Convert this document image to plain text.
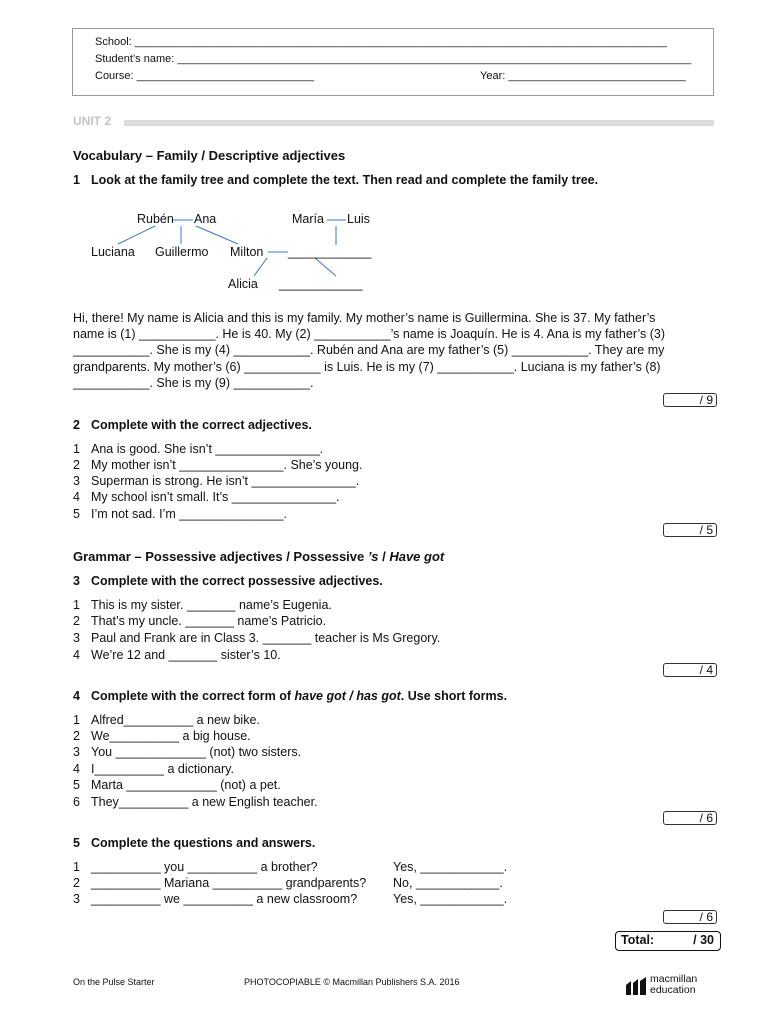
School: _______________________________________________________________________________________
Student’s name: ____________________________________________________________________________________
Course: _____________________________	Year: _____________________________
UNIT 2
Vocabulary – Family / Descriptive adjectives
1 Look at the family tree and complete the text. Then read and complete the family tree.
Rubén Ana	María Luis
Luciana Guillermo Milton ____________
Alicia ____________
Hi, there! My name is Alicia and this is my family. My mother’s name is Guillermina. She is 37. My father’s name is (1) ___________. He is 40. My (2) ___________’s name is Joaquín. He is 4. Ana is my father’s (3) ___________. She is my (4) ___________. Rubén and Ana are my father’s (5) ___________. They are my grandparents. My mother’s (6) ___________ is Luis. He is my (7) ___________. Luciana is my father’s (8) ___________. She is my (9) ___________.
/ 9
2 Complete with the correct adjectives.
1 Ana is good. She isn’t _______________.
2 My mother isn’t _______________. She’s young.
3 Superman is strong. He isn’t _______________.
4 My school isn’t small. It’s _______________.
5 I’m not sad. I’m _______________.
/ 5
Grammar – Possessive adjectives / Possessive ’s / Have got
3 Complete with the correct possessive adjectives.
1 This is my sister. _______ name’s Eugenia.
2 That’s my uncle. _______ name’s Patricio.
3 Paul and Frank are in Class 3. _______ teacher is Ms Gregory.
4 We’re 12 and _______ sister’s 10.
/ 4
4 Complete with the correct form of have got / has got. Use short forms.
1 Alfred__________ a new bike.
2 We__________ a big house.
3 You _____________ (not) two sisters.
4 I__________ a dictionary.
5 Marta _____________ (not) a pet.
6 They__________ a new English teacher.
/ 6
5 Complete the questions and answers.
1 __________ you __________ a brother?	Yes, ____________.
2 __________ Mariana __________ grandparents? No, ____________.
3 __________ we __________ a new classroom?	Yes, ____________.
/ 6
Total:	/ 30
On the Pulse Starter	PHOTOCOPIABLE © Macmillan Publishers S.A. 2016	macmillan
education
